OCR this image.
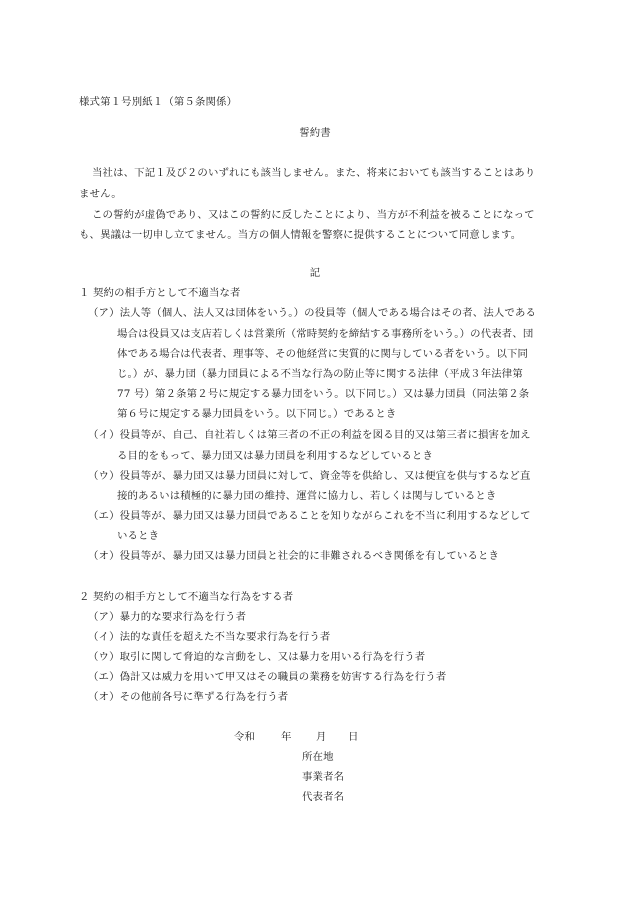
様式第１号別紙１（第５条関係）
誓約書
当社は、下記１及び２のいずれにも該当しません。また、将来においても該当することはあり
ません。
この誓約が虚偽であり、又はこの誓約に反したことにより、当方が不利益を被ることになって
も、異議は一切申し立てません。当方の個人情報を警察に提供することについて同意します。
記
１ 契約の相手方として不適当な者
（ア）法人等（個人、法人又は団体をいう。）の役員等（個人である場合はその者、法人である
場合は役員又は支店若しくは営業所（常時契約を締結する事務所をいう。）の代表者、団
体である場合は代表者、理事等、その他経営に実質的に関与している者をいう。以下同
じ。）が、暴力団（暴力団員による不当な行為の防止等に関する法律（平成３年法律第
77 号）第２条第２号に規定する暴力団をいう。以下同じ。）又は暴力団員（同法第２条
第６号に規定する暴力団員をいう。以下同じ。）であるとき
（イ）役員等が、自己、自社若しくは第三者の不正の利益を図る目的又は第三者に損害を加え
る目的をもって、暴力団又は暴力団員を利用するなどしているとき
（ウ）役員等が、暴力団又は暴力団員に対して、資金等を供給し、又は便宜を供与するなど直
接的あるいは積極的に暴力団の維持、運営に協力し、若しくは関与しているとき
（エ）役員等が、暴力団又は暴力団員であることを知りながらこれを不当に利用するなどして
いるとき
（オ）役員等が、暴力団又は暴力団員と社会的に非難されるべき関係を有しているとき
２ 契約の相手方として不適当な行為をする者
（ア）暴力的な要求行為を行う者
（イ）法的な責任を超えた不当な要求行為を行う者
（ウ）取引に関して脅迫的な言動をし、又は暴力を用いる行為を行う者
（エ）偽計又は威力を用いて甲又はその職員の業務を妨害する行為を行う者
（オ）その他前各号に準ずる行為を行う者
令和 年 月 日
所在地
事業者名
代表者名
